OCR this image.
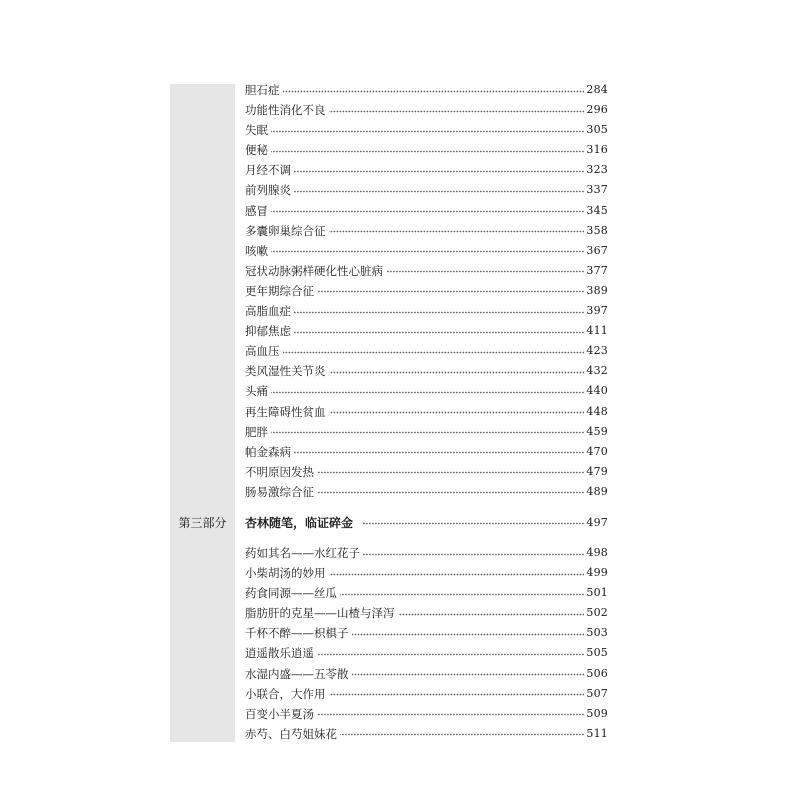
胆石症	284
功能性消化不良	296
失眠	305
便秘	316
月经不调	323
前列腺炎	337
感冒	345
多囊卵巢综合征	358
咳嗽	367
冠状动脉粥样硬化性心脏病	377
更年期综合征	389
高脂血症	397
抑郁焦虑	411
高血压	423
类风湿性关节炎	432
头痛	440
再生障碍性贫血	448
肥胖	459
帕金森病	470
不明原因发热	479
肠易激综合征	489
第三部分	杏林随笔，临证碎金	497
药如其名——水红花子	498
小柴胡汤的妙用	499
药食同源——丝瓜	501
脂肪肝的克星——山楂与泽泻	502
千杯不醉——枳椇子	503
逍遥散乐逍遥	505
水湿内盛——五苓散	506
小联合，大作用	507
百变小半夏汤	509
赤芍、白芍姐妹花	511
